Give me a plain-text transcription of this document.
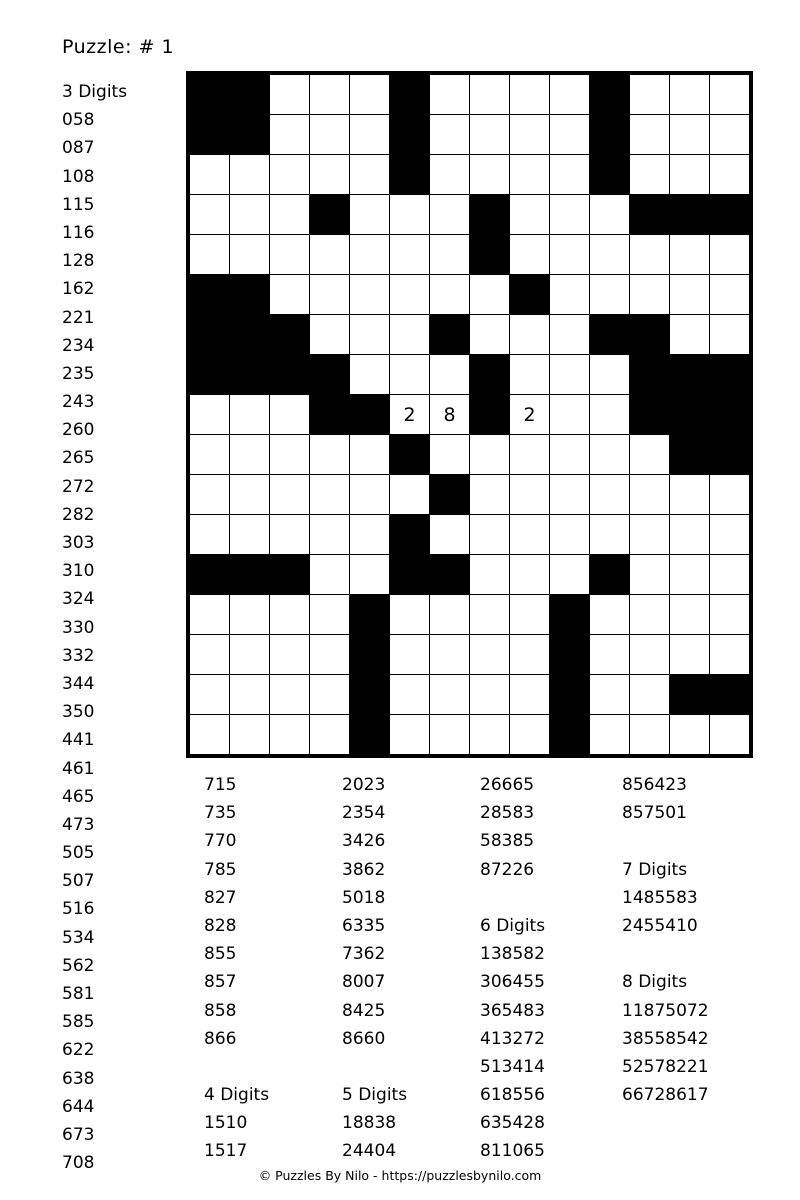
Puzzle: # 1

					2	8		2					

3 Digits
058
087
108
115
116
128
162
221
234
235
243
260
265
272
282
303
310
324
330
332
344
350
441
461
465
473
505
507
516
534
562
581
585
622
638
644
673
708
715
735
770
785
827
828
855
857
858
866
4 Digits
1510
1517
2023
2354
3426
3862
5018
6335
7362
8007
8425
8660
5 Digits
18838
24404
26665
28583
58385
87226
6 Digits
138582
306455
365483
413272
513414
618556
635428
811065
856423
857501
7 Digits
1485583
2455410
8 Digits
11875072
38558542
52578221
66728617
© Puzzles By Nilo - https://puzzlesbynilo.com
